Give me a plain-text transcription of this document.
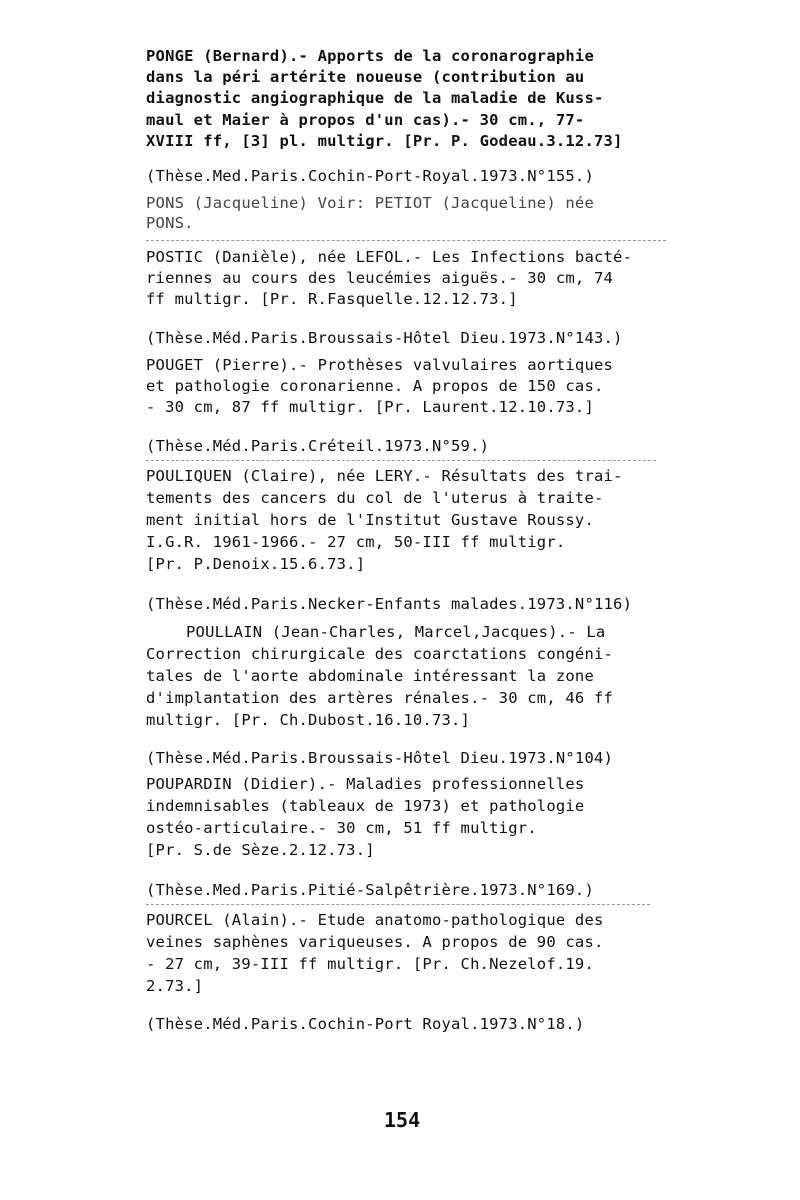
PONGE (Bernard).- Apports de la coronarographie
dans la péri artérite noueuse (contribution au
diagnostic angiographique de la maladie de Kuss-
maul et Maier à propos d'un cas).- 30 cm., 77-
XVIII ff, [3] pl. multigr. [Pr. P. Godeau.3.12.73]
(Thèse.Med.Paris.Cochin-Port-Royal.1973.N°155.)
PONS (Jacqueline) Voir: PETIOT (Jacqueline) née
PONS.
POSTIC (Danièle), née LEFOL.- Les Infections bacté-
riennes au cours des leucémies aiguës.- 30 cm, 74
ff multigr. [Pr. R.Fasquelle.12.12.73.]
(Thèse.Méd.Paris.Broussais-Hôtel Dieu.1973.N°143.)
POUGET (Pierre).- Prothèses valvulaires aortiques
et pathologie coronarienne. A propos de 150 cas.
- 30 cm, 87 ff multigr. [Pr. Laurent.12.10.73.]
(Thèse.Méd.Paris.Créteil.1973.N°59.)
POULIQUEN (Claire), née LERY.- Résultats des trai-
tements des cancers du col de l'uterus à traite-
ment initial hors de l'Institut Gustave Roussy.
I.G.R. 1961-1966.- 27 cm, 50-III ff multigr.
[Pr. P.Denoix.15.6.73.]
(Thèse.Méd.Paris.Necker-Enfants malades.1973.N°116)
POULLAIN (Jean-Charles, Marcel,Jacques).- La
Correction chirurgicale des coarctations congéni-
tales de l'aorte abdominale intéressant la zone
d'implantation des artères rénales.- 30 cm, 46 ff
multigr. [Pr. Ch.Dubost.16.10.73.]
(Thèse.Méd.Paris.Broussais-Hôtel Dieu.1973.N°104)
POUPARDIN (Didier).- Maladies professionnelles
indemnisables (tableaux de 1973) et pathologie
ostéo-articulaire.- 30 cm, 51 ff multigr.
[Pr. S.de Sèze.2.12.73.]
(Thèse.Med.Paris.Pitié-Salpêtrière.1973.N°169.)
POURCEL (Alain).- Etude anatomo-pathologique des
veines saphènes variqueuses. A propos de 90 cas.
- 27 cm, 39-III ff multigr. [Pr. Ch.Nezelof.19.
2.73.]
(Thèse.Méd.Paris.Cochin-Port Royal.1973.N°18.)
154
